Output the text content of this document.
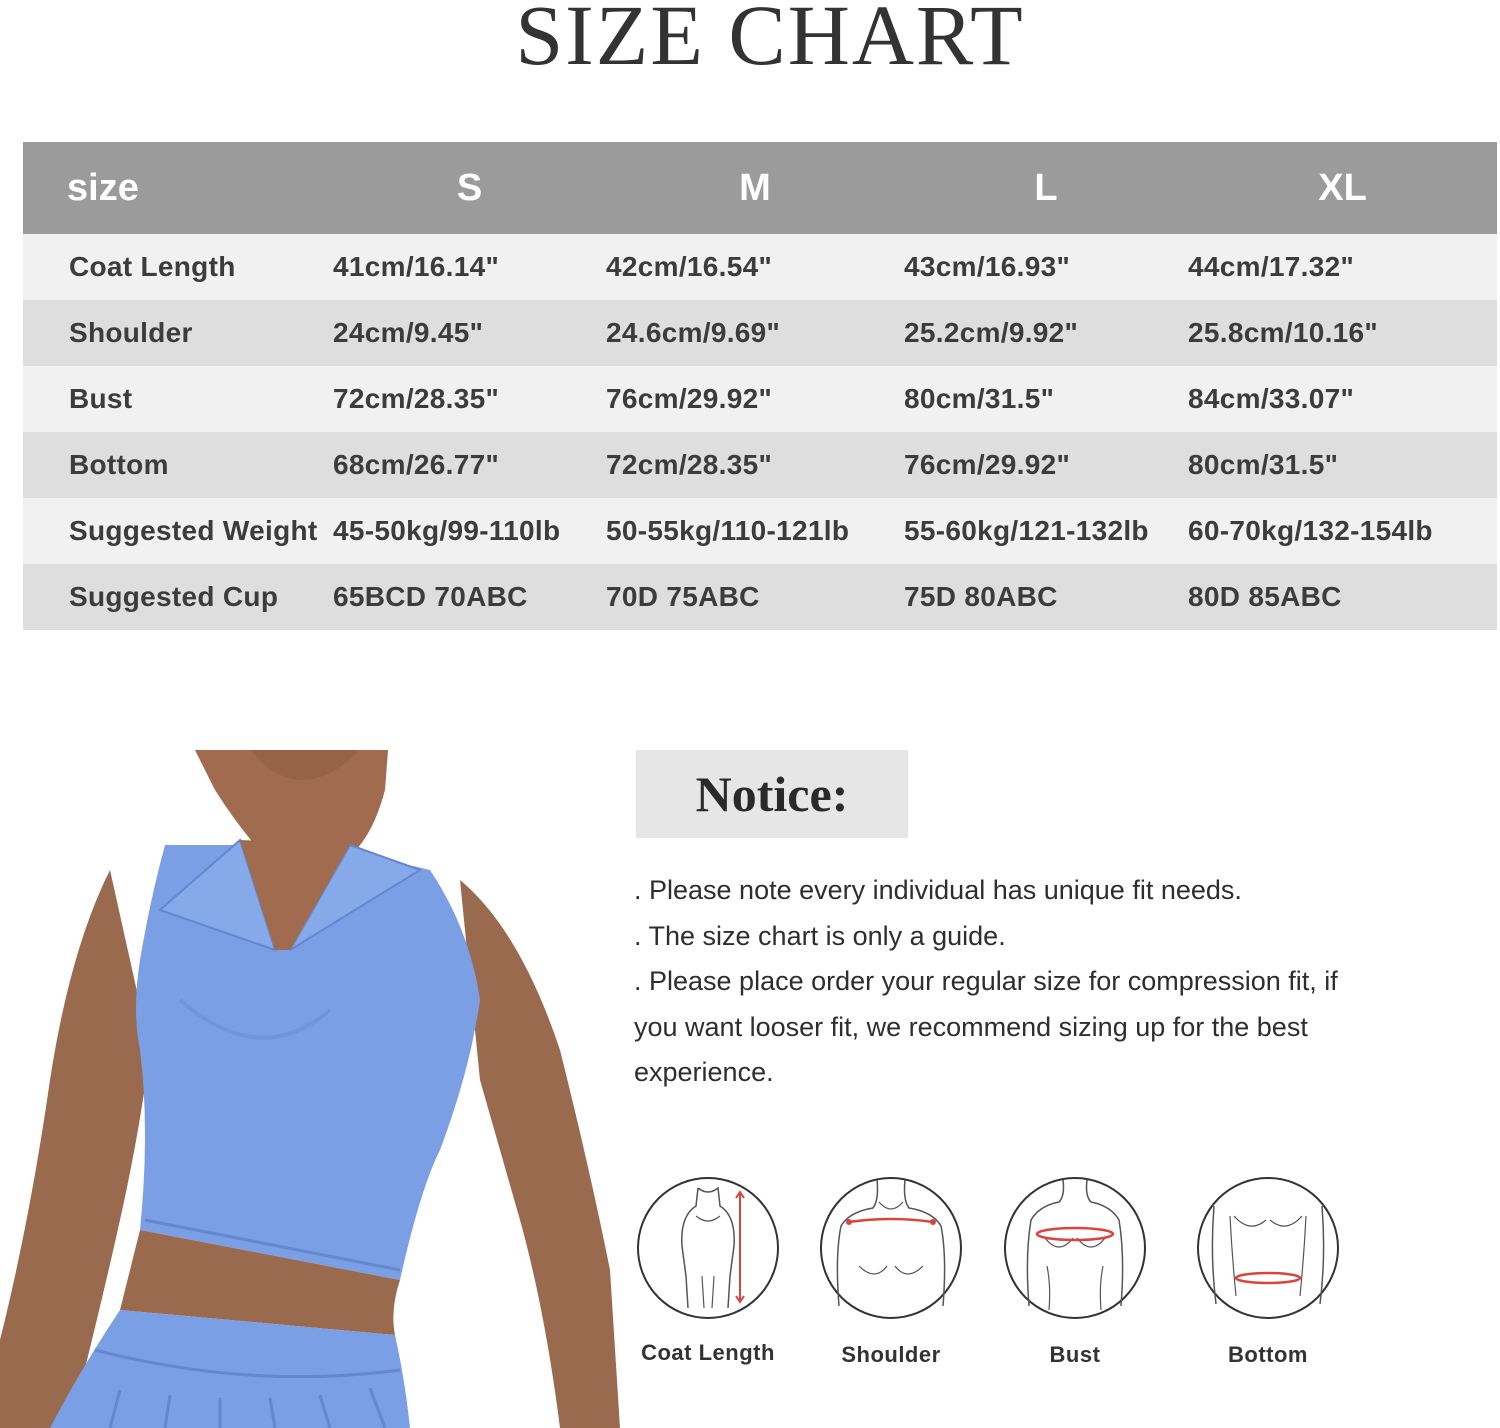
SIZE CHART
size	S	M	L	XL
Coat Length	41cm/16.14"	42cm/16.54"	43cm/16.93"	44cm/17.32"
Shoulder	24cm/9.45"	24.6cm/9.69"	25.2cm/9.92"	25.8cm/10.16"
Bust	72cm/28.35"	76cm/29.92"	80cm/31.5"	84cm/33.07"
Bottom	68cm/26.77"	72cm/28.35"	76cm/29.92"	80cm/31.5"
Suggested Weight	45-50kg/99-110lb	50-55kg/110-121lb	55-60kg/121-132lb	60-70kg/132-154lb
Suggested Cup	65BCD 70ABC	70D 75ABC	75D 80ABC	80D 85ABC
Notice:

. Please note every individual has unique fit needs.

. The size chart is only a guide.

. Please place order your regular size for compression fit, if

you want looser fit, we recommend sizing up for the best

experience.

Coat Length	Shoulder	Bust	Bottom
